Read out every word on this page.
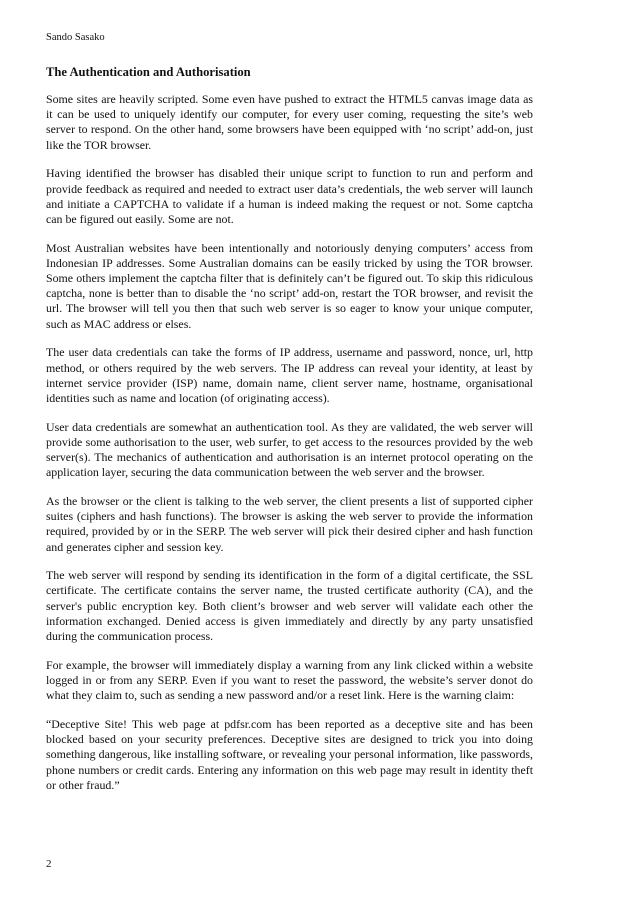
Sando Sasako
The Authentication and Authorisation

Some sites are heavily scripted. Some even have pushed to extract the HTML5 canvas image data as it can be used to uniquely identify our computer, for every user coming, requesting the site’s web server to respond. On the other hand, some browsers have been equipped with ‘no script’ add-on, just like the TOR browser.

Having identified the browser has disabled their unique script to function to run and perform and provide feedback as required and needed to extract user data’s credentials, the web server will launch and initiate a CAPTCHA to validate if a human is indeed making the request or not. Some captcha can be figured out easily. Some are not.

Most Australian websites have been intentionally and notoriously denying computers’ access from Indonesian IP addresses. Some Australian domains can be easily tricked by using the TOR browser. Some others implement the captcha filter that is definitely can’t be figured out. To skip this ridiculous captcha, none is better than to disable the ‘no script’ add-on, restart the TOR browser, and revisit the url. The browser will tell you then that such web server is so eager to know your unique computer, such as MAC address or elses.

The user data credentials can take the forms of IP address, username and password, nonce, url, http method, or others required by the web servers. The IP address can reveal your identity, at least by internet service provider (ISP) name, domain name, client server name, hostname, organisational identities such as name and location (of originating access).

User data credentials are somewhat an authentication tool. As they are validated, the web server will provide some authorisation to the user, web surfer, to get access to the resources provided by the web server(s). The mechanics of authentication and authorisation is an internet protocol operating on the application layer, securing the data communication between the web server and the browser.

As the browser or the client is talking to the web server, the client presents a list of supported cipher suites (ciphers and hash functions). The browser is asking the web server to provide the information required, provided by or in the SERP. The web server will pick their desired cipher and hash function and generates cipher and session key.

The web server will respond by sending its identification in the form of a digital certificate, the SSL certificate. The certificate contains the server name, the trusted certificate authority (CA), and the server's public encryption key. Both client’s browser and web server will validate each other the information exchanged. Denied access is given immediately and directly by any party unsatisfied during the communication process.

For example, the browser will immediately display a warning from any link clicked within a website logged in or from any SERP. Even if you want to reset the password, the website’s server donot do what they claim to, such as sending a new password and/or a reset link. Here is the warning claim:

“Deceptive Site! This web page at pdfsr.com has been reported as a deceptive site and has been blocked based on your security preferences. Deceptive sites are designed to trick you into doing something dangerous, like installing software, or revealing your personal information, like passwords, phone numbers or credit cards. Entering any information on this web page may result in identity theft or other fraud.”

2
